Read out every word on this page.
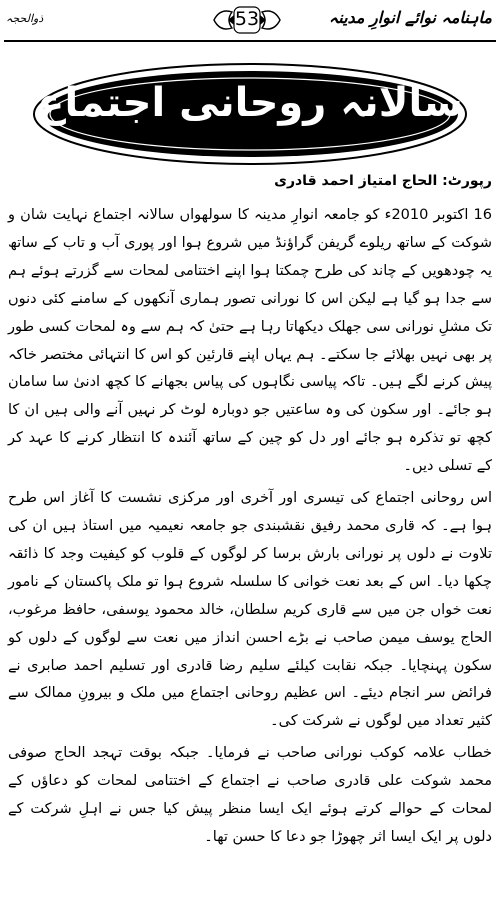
ذوالحجہ	53	ماہنامہ نوائے انوارِ مدینہ
سالانہ روحانی اجتماع
رپورٹ: الحاج امتیاز احمد قادری

16 اکتوبر 2010ء کو جامعہ انوارِ مدینہ کا سولھواں سالانہ اجتماع نہایت شان و شوکت کے ساتھ ریلوے گریفن گراؤنڈ میں شروع ہوا اور پوری آب و تاب کے ساتھ یہ چودھویں کے چاند کی طرح چمکتا ہوا اپنے اختتامی لمحات سے گزرتے ہوئے ہم سے جدا ہو گیا ہے لیکن اس کا نورانی تصور ہماری آنکھوں کے سامنے کئی دنوں تک مشلِ نورانی سی جھلک دیکھاتا رہا ہے حتیٰ کہ ہم سے وہ لمحات کسی طور پر بھی نہیں بھلائے جا سکتے۔ ہم یہاں اپنے قارئین کو اس کا انتہائی مختصر خاکہ پیش کرنے لگے ہیں۔ تاکہ پیاسی نگاہوں کی پیاس بجھانے کا کچھ ادنیٰ سا سامان ہو جائے۔ اور سکون کی وہ ساعتیں جو دوبارہ لوٹ کر نہیں آنے والی ہیں ان کا کچھ تو تذکرہ ہو جائے اور دل کو چین کے ساتھ آئندہ کا انتظار کرنے کا عہد کر کے تسلی دیں۔

اس روحانی اجتماع کی تیسری اور آخری اور مرکزی نشست کا آغاز اس طرح ہوا ہے۔ کہ قاری محمد رفیق نقشبندی جو جامعہ نعیمیہ میں استاذ ہیں ان کی تلاوت نے دلوں پر نورانی بارش برسا کر لوگوں کے قلوب کو کیفیت وجد کا ذائقہ چکھا دیا۔ اس کے بعد نعت خوانی کا سلسلہ شروع ہوا تو ملک پاکستان کے نامور نعت خواں جن میں سے قاری کریم سلطان، خالد محمود یوسفی، حافظ مرغوب، الحاج یوسف میمن صاحب نے بڑے احسن انداز میں نعت سے لوگوں کے دلوں کو سکون پہنچایا۔ جبکہ نقابت کیلئے سلیم رضا قادری اور تسلیم احمد صابری نے فرائض سر انجام دیئے۔ اس عظیم روحانی اجتماع میں ملک و بیرونِ ممالک سے کثیر تعداد میں لوگوں نے شرکت کی۔

خطاب علامہ کوکب نورانی صاحب نے فرمایا۔ جبکہ بوقت تہجد الحاج صوفی محمد شوکت علی قادری صاحب نے اجتماع کے اختتامی لمحات کو دعاؤں کے لمحات کے حوالے کرتے ہوئے ایک ایسا منظر پیش کیا جس نے اہلِ شرکت کے دلوں پر ایک ایسا اثر چھوڑا جو دعا کا حسن تھا۔
